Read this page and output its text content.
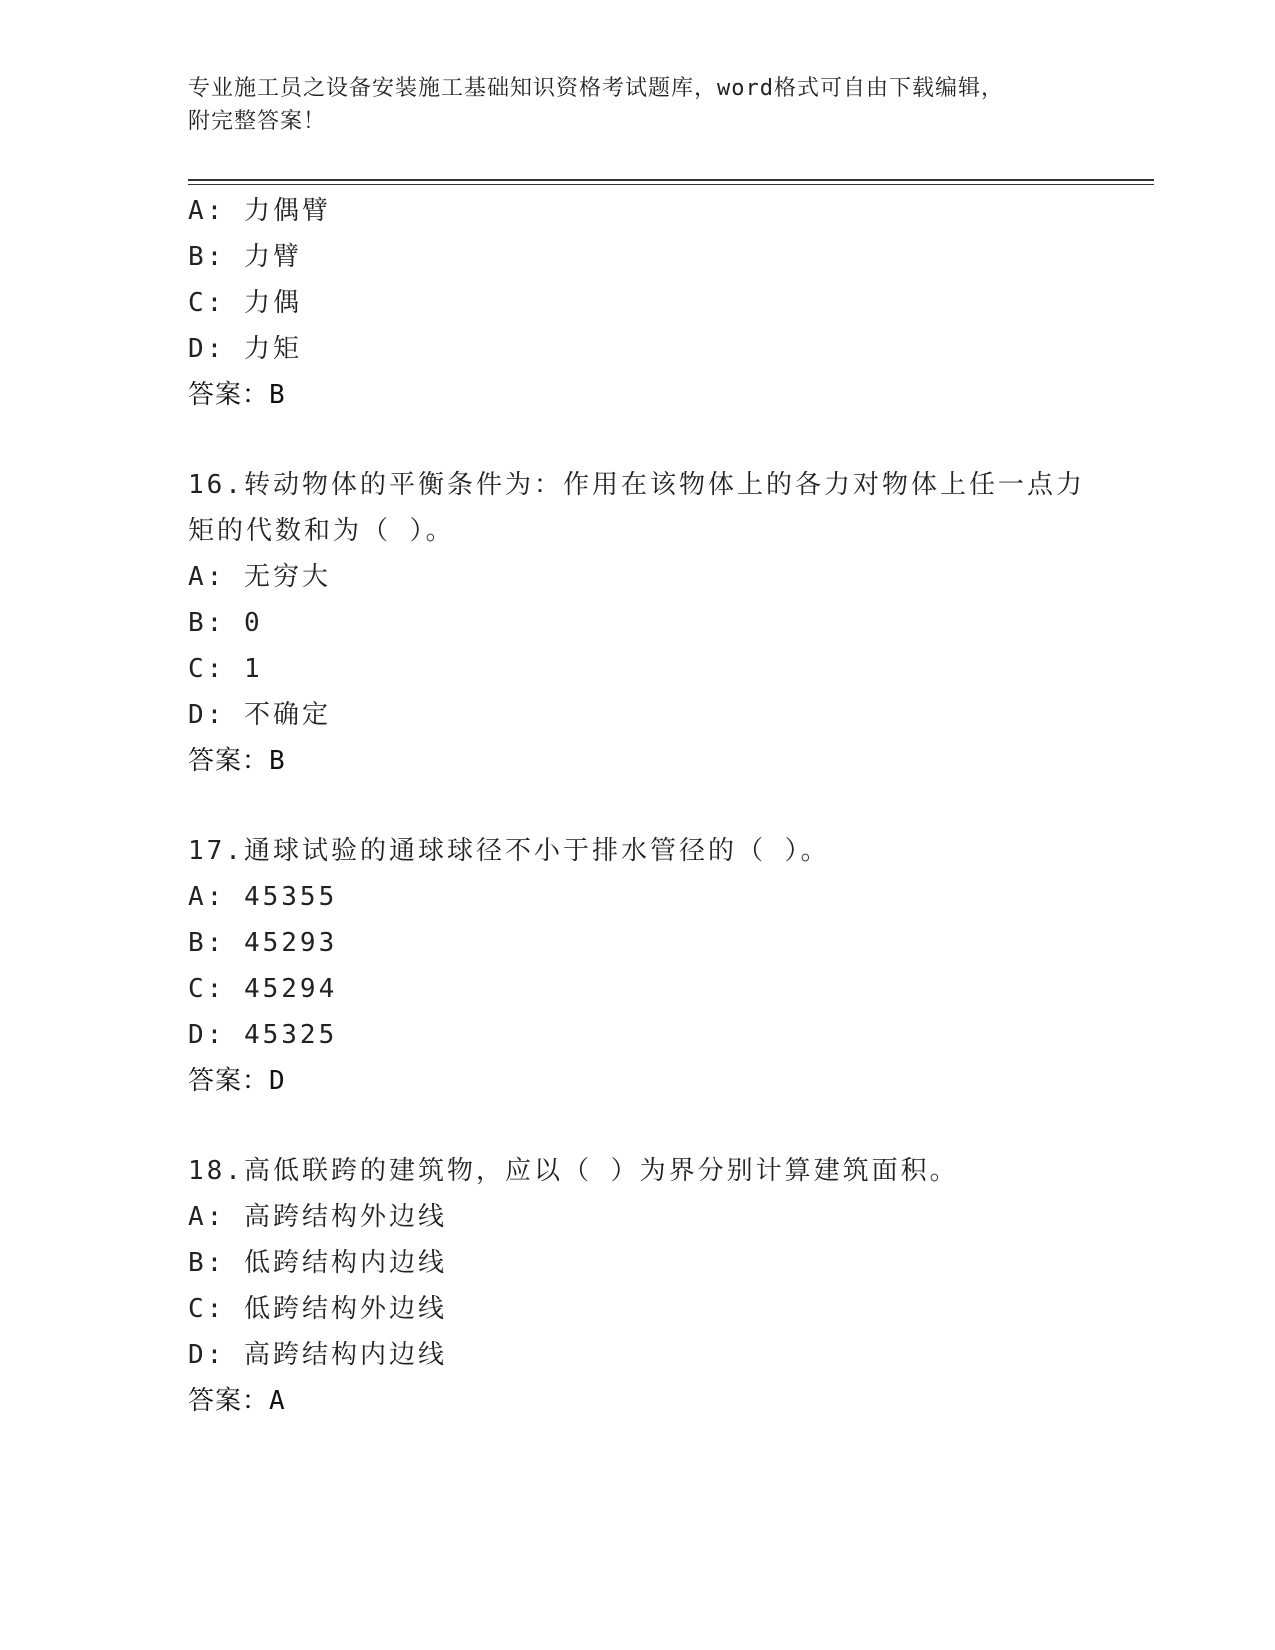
专业施工员之设备安装施工基础知识资格考试题库，word格式可自由下载编辑，
附完整答案！
A: 力偶臂
B: 力臂
C: 力偶
D: 力矩
答案：B
16.转动物体的平衡条件为：作用在该物体上的各力对物体上任一点力
矩的代数和为（ ）。
A: 无穷大
B: 0
C: 1
D: 不确定
答案：B
17.通球试验的通球球径不小于排水管径的（ ）。
A: 45355
B: 45293
C: 45294
D: 45325
答案：D
18.高低联跨的建筑物，应以（ ）为界分别计算建筑面积。
A: 高跨结构外边线
B: 低跨结构内边线
C: 低跨结构外边线
D: 高跨结构内边线
答案：A
